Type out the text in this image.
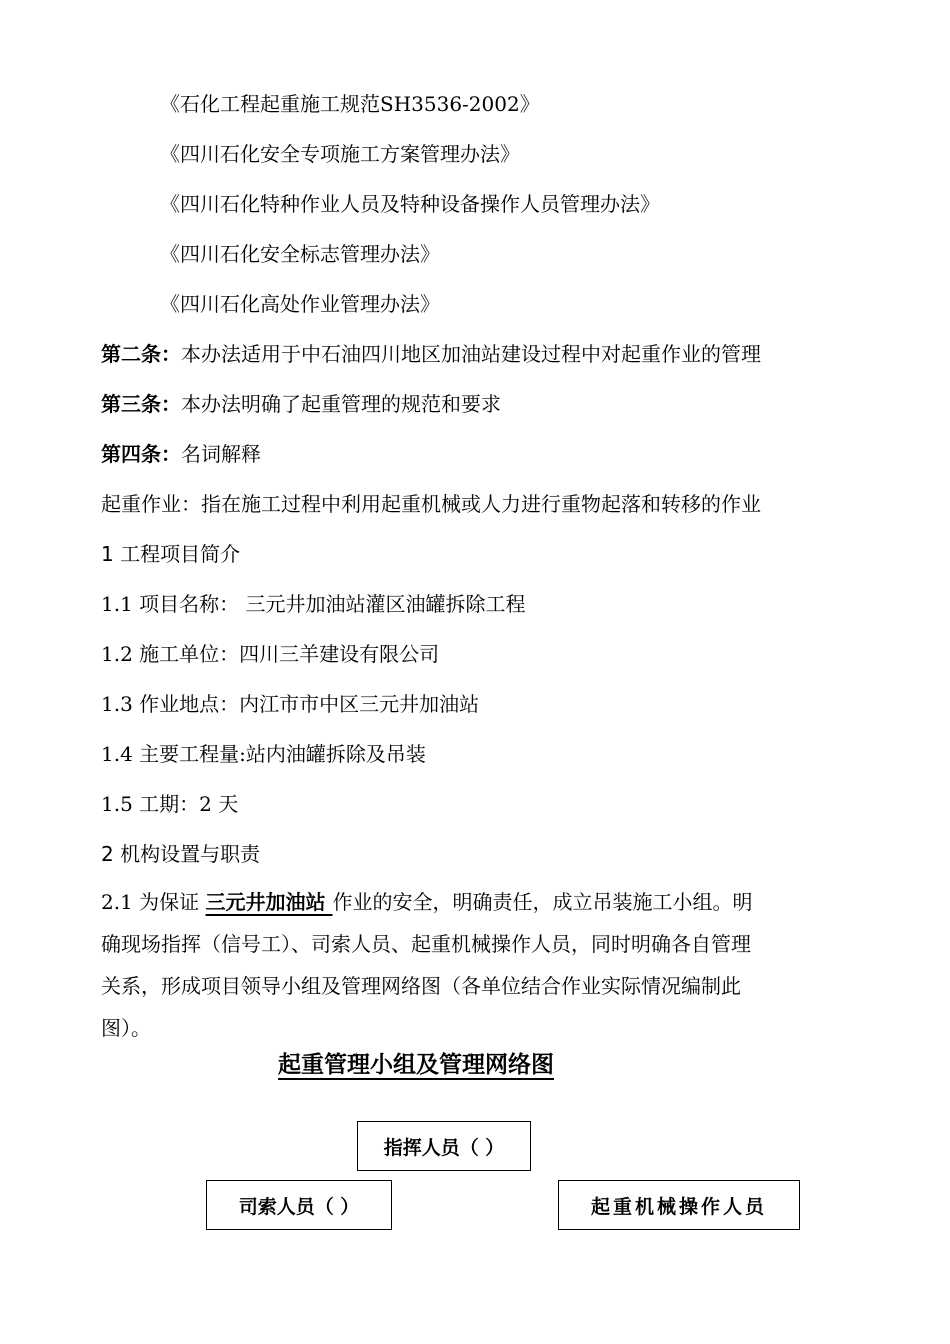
《石化工程起重施工规范SH3536-2002》
《四川石化安全专项施工方案管理办法》
《四川石化特种作业人员及特种设备操作人员管理办法》
《四川石化安全标志管理办法》
《四川石化高处作业管理办法》
第二条：本办法适用于中石油四川地区加油站建设过程中对起重作业的管理
第三条：本办法明确了起重管理的规范和要求
第四条：名词解释
起重作业：指在施工过程中利用起重机械或人力进行重物起落和转移的作业
1 工程项目简介
1.1 项目名称： 三元井加油站灌区油罐拆除工程
1.2 施工单位：四川三羊建设有限公司
1.3 作业地点：内江市市中区三元井加油站
1.4 主要工程量:站内油罐拆除及吊装
1.5 工期：2 天
2 机构设置与职责
2.1 为保证 三元井加油站 作业的安全，明确责任，成立吊装施工小组。明
确现场指挥（信号工）、司索人员、起重机械操作人员，同时明确各自管理
关系，形成项目领导小组及管理网络图（各单位结合作业实际情况编制此
图）。
起重管理小组及管理网络图
指挥人员（ ）
司索人员（ ）	起重机械操作人员
